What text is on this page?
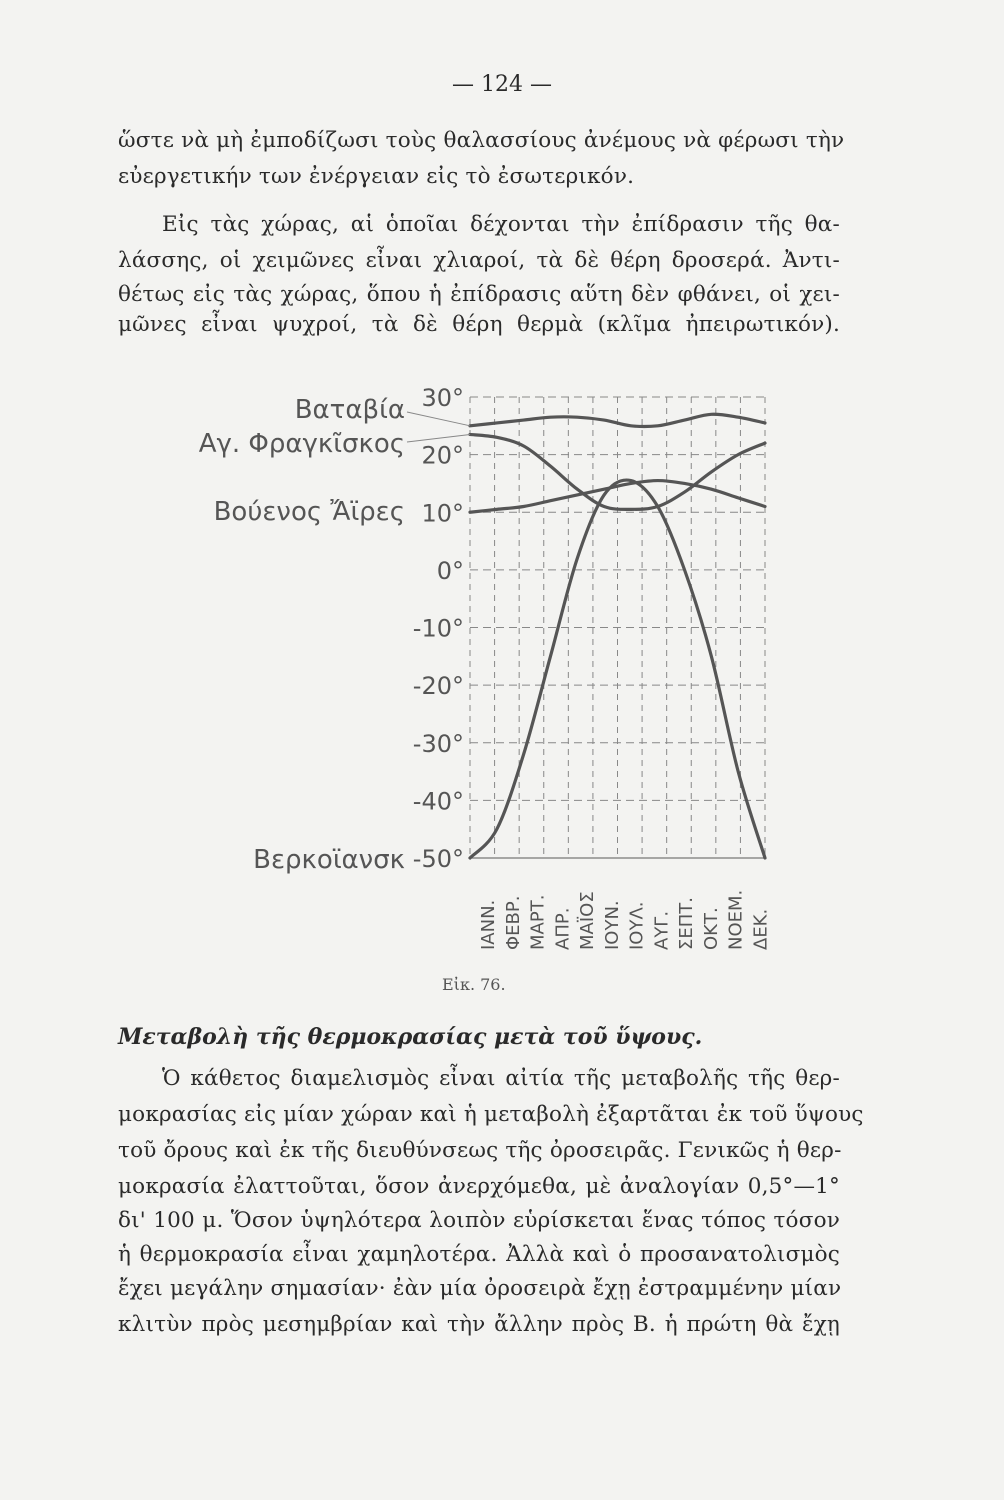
— 124 —
ὥστε νὰ μὴ ἐμποδίζωσι τοὺς θαλασσίους ἀνέμους νὰ φέρωσι τὴν
εὐεργετικήν των ἐνέργειαν εἰς τὸ ἐσωτερικόν.
Εἰς τὰς χώρας, αἱ ὁποῖαι δέχονται τὴν ἐπίδρασιν τῆς θα-
λάσσης, οἱ χειμῶνες εἶναι χλιαροί, τὰ δὲ θέρη δροσερά. Ἀντι-
θέτως εἰς τὰς χώρας, ὅπου ἡ ἐπίδρασις αὕτη δὲν φθάνει, οἱ χει-
μῶνες εἶναι ψυχροί, τὰ δὲ θέρη θερμὰ (κλῖμα ἠπειρωτικόν).
30°
20°
10°
0°
-10°
-20°
-30°
-40°
-50°
ΙΑΝΝ. ΦΕΒΡ. ΜΑΡΤ. ΑΠΡ. ΜΑΪΟΣ ΙΟΥΝ. ΙΟΥΛ. ΑΥΓ. ΣΕΠΤ. ΟΚΤ. ΝΟΕΜ. ΔΕΚ.
Βαταβία
Αγ. Φραγκῖσκος
Βούενος Ἄϊρες
Βερκοϊανσκ
Εἰκ. 76.
Μεταβολὴ τῆς θερμοκρασίας μετὰ τοῦ ὕψους.
Ὁ κάθετος διαμελισμὸς εἶναι αἰτία τῆς μεταβολῆς τῆς θερ-
μοκρασίας εἰς μίαν χώραν καὶ ἡ μεταβολὴ ἐξαρτᾶται ἐκ τοῦ ὕψους
τοῦ ὄρους καὶ ἐκ τῆς διευθύνσεως τῆς ὀροσειρᾶς. Γενικῶς ἡ θερ-
μοκρασία ἐλαττοῦται, ὅσον ἀνερχόμεθα, μὲ ἀναλογίαν 0,5°—1°
δι' 100 μ. Ὅσον ὑψηλότερα λοιπὸν εὑρίσκεται ἕνας τόπος τόσον
ἡ θερμοκρασία εἶναι χαμηλοτέρα. Ἀλλὰ καὶ ὁ προσανατολισμὸς
ἔχει μεγάλην σημασίαν· ἐὰν μία ὀροσειρὰ ἔχῃ ἐστραμμένην μίαν
κλιτὺν πρὸς μεσημβρίαν καὶ τὴν ἄλλην πρὸς Β. ἡ πρώτη θὰ ἔχῃ
